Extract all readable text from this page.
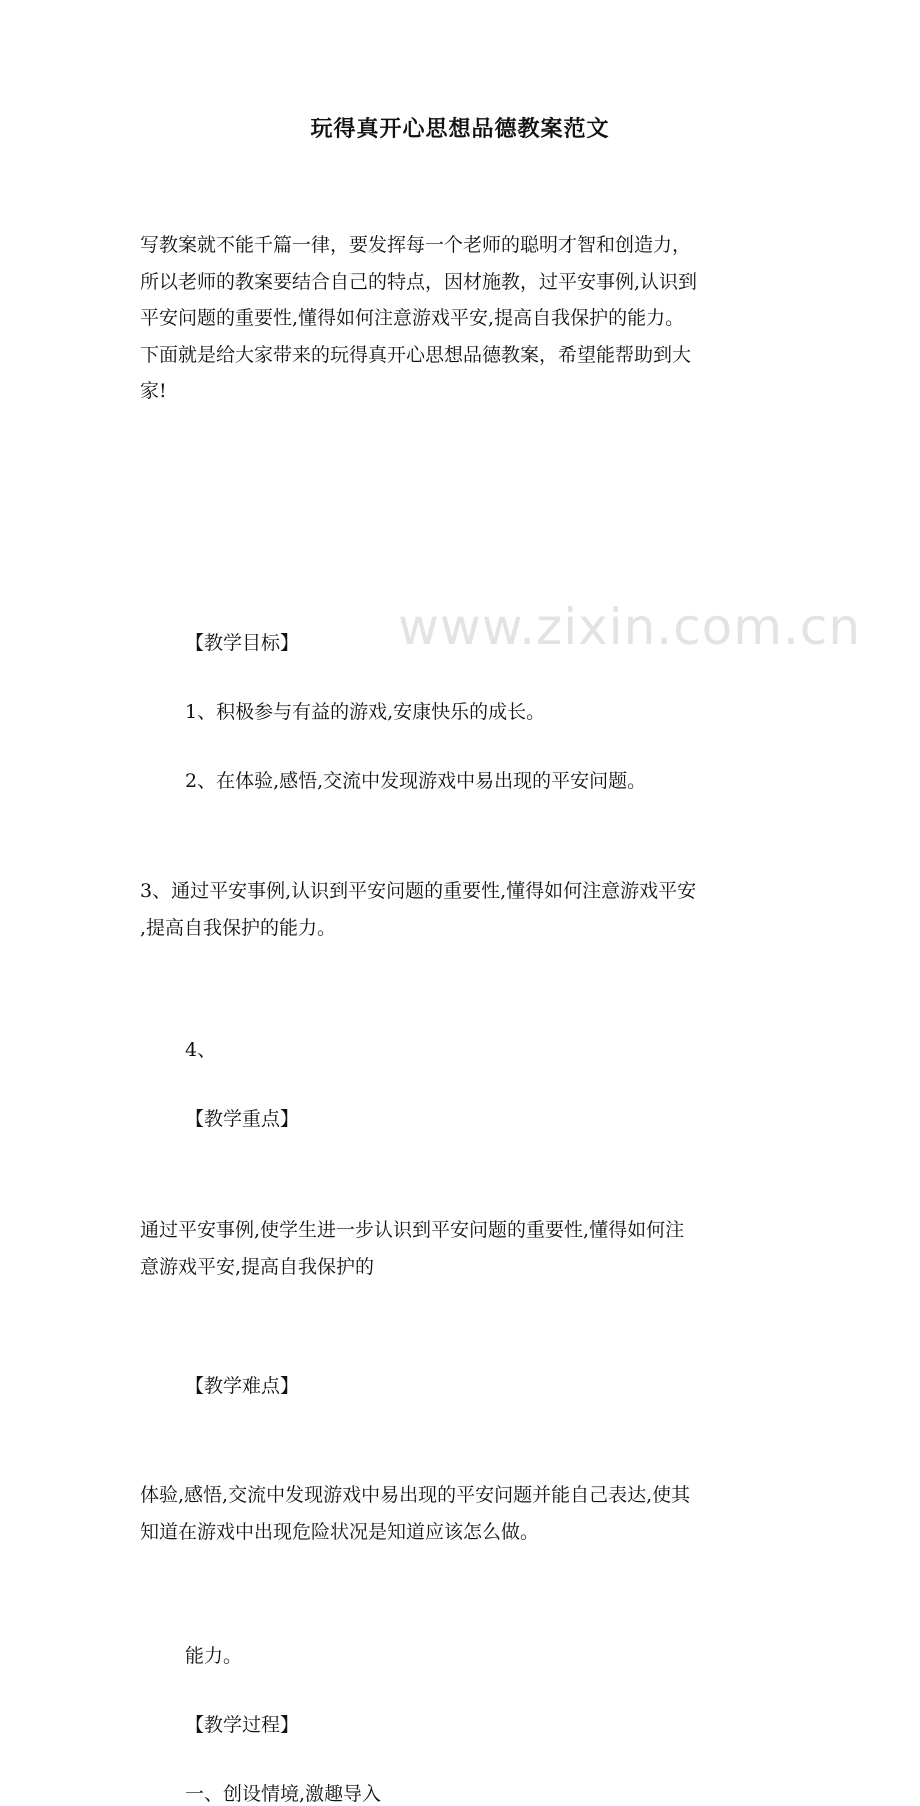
www.zixin.com.cn
玩得真开心思想品德教案范文
写教案就不能千篇一律，要发挥每一个老师的聪明才智和创造力，
所以老师的教案要结合自己的特点，因材施教，过平安事例,认识到
平安问题的重要性,懂得如何注意游戏平安,提高自我保护的能力。
下面就是给大家带来的玩得真开心思想品德教案，希望能帮助到大
家!
【教学目标】
1、积极参与有益的游戏,安康快乐的成长。
2、在体验,感悟,交流中发现游戏中易出现的平安问题。
3、通过平安事例,认识到平安问题的重要性,懂得如何注意游戏平安
,提高自我保护的能力。
4、
【教学重点】
通过平安事例,使学生进一步认识到平安问题的重要性,懂得如何注
意游戏平安,提高自我保护的
【教学难点】
体验,感悟,交流中发现游戏中易出现的平安问题并能自己表达,使其
知道在游戏中出现危险状况是知道应该怎么做。
能力。
【教学过程】
一、创设情境,激趣导入
